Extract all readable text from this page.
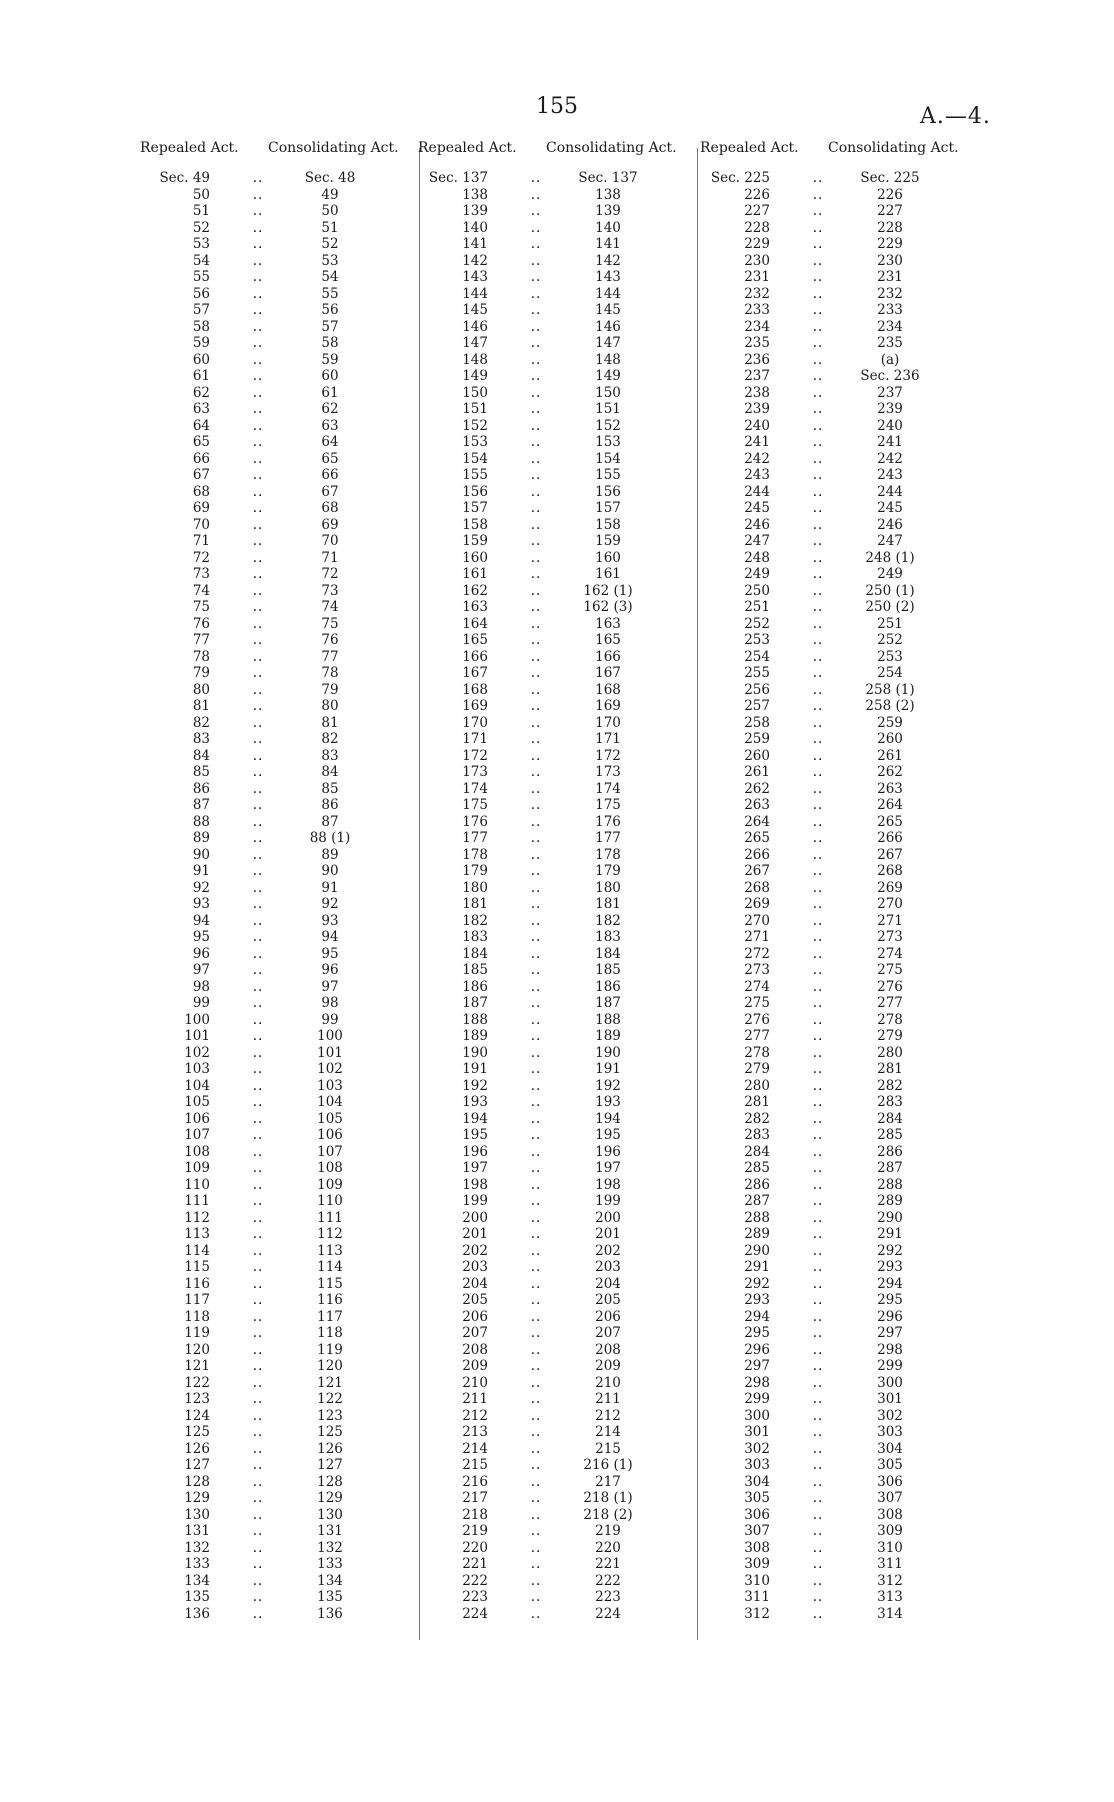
155	A.—4.
Repealed Act. Consolidating Act.
Sec. 49	..	Sec. 48
50	..	49
51	..	50
52	..	51
53	..	52
54	..	53
55	..	54
56	..	55
57	..	56
58	..	57
59	..	58
60	..	59
61	..	60
62	..	61
63	..	62
64	..	63
65	..	64
66	..	65
67	..	66
68	..	67
69	..	68
70	..	69
71	..	70
72	..	71
73	..	72
74	..	73
75	..	74
76	..	75
77	..	76
78	..	77
79	..	78
80	..	79
81	..	80
82	..	81
83	..	82
84	..	83
85	..	84
86	..	85
87	..	86
88	..	87
89	..	88 (1)
90	..	89
91	..	90
92	..	91
93	..	92
94	..	93
95	..	94
96	..	95
97	..	96
98	..	97
99	..	98
100	..	99
101	..	100
102	..	101
103	..	102
104	..	103
105	..	104
106	..	105
107	..	106
108	..	107
109	..	108
110	..	109
111	..	110
112	..	111
113	..	112
114	..	113
115	..	114
116	..	115
117	..	116
118	..	117
119	..	118
120	..	119
121	..	120
122	..	121
123	..	122
124	..	123
125	..	125
126	..	126
127	..	127
128	..	128
129	..	129
130	..	130
131	..	131
132	..	132
133	..	133
134	..	134
135	..	135
136	..	136
Repealed Act. Consolidating Act.
Sec. 137	..	Sec. 137
138	..	138
139	..	139
140	..	140
141	..	141
142	..	142
143	..	143
144	..	144
145	..	145
146	..	146
147	..	147
148	..	148
149	..	149
150	..	150
151	..	151
152	..	152
153	..	153
154	..	154
155	..	155
156	..	156
157	..	157
158	..	158
159	..	159
160	..	160
161	..	161
162	..	162 (1)
163	..	162 (3)
164	..	163
165	..	165
166	..	166
167	..	167
168	..	168
169	..	169
170	..	170
171	..	171
172	..	172
173	..	173
174	..	174
175	..	175
176	..	176
177	..	177
178	..	178
179	..	179
180	..	180
181	..	181
182	..	182
183	..	183
184	..	184
185	..	185
186	..	186
187	..	187
188	..	188
189	..	189
190	..	190
191	..	191
192	..	192
193	..	193
194	..	194
195	..	195
196	..	196
197	..	197
198	..	198
199	..	199
200	..	200
201	..	201
202	..	202
203	..	203
204	..	204
205	..	205
206	..	206
207	..	207
208	..	208
209	..	209
210	..	210
211	..	211
212	..	212
213	..	214
214	..	215
215	..	216 (1)
216	..	217
217	..	218 (1)
218	..	218 (2)
219	..	219
220	..	220
221	..	221
222	..	222
223	..	223
224	..	224
Repealed Act. Consolidating Act.
Sec. 225	..	Sec. 225
226	..	226
227	..	227
228	..	228
229	..	229
230	..	230
231	..	231
232	..	232
233	..	233
234	..	234
235	..	235
236	..	(a)
237	..	Sec. 236
238	..	237
239	..	239
240	..	240
241	..	241
242	..	242
243	..	243
244	..	244
245	..	245
246	..	246
247	..	247
248	..	248 (1)
249	..	249
250	..	250 (1)
251	..	250 (2)
252	..	251
253	..	252
254	..	253
255	..	254
256	..	258 (1)
257	..	258 (2)
258	..	259
259	..	260
260	..	261
261	..	262
262	..	263
263	..	264
264	..	265
265	..	266
266	..	267
267	..	268
268	..	269
269	..	270
270	..	271
271	..	273
272	..	274
273	..	275
274	..	276
275	..	277
276	..	278
277	..	279
278	..	280
279	..	281
280	..	282
281	..	283
282	..	284
283	..	285
284	..	286
285	..	287
286	..	288
287	..	289
288	..	290
289	..	291
290	..	292
291	..	293
292	..	294
293	..	295
294	..	296
295	..	297
296	..	298
297	..	299
298	..	300
299	..	301
300	..	302
301	..	303
302	..	304
303	..	305
304	..	306
305	..	307
306	..	308
307	..	309
308	..	310
309	..	311
310	..	312
311	..	313
312	..	314
